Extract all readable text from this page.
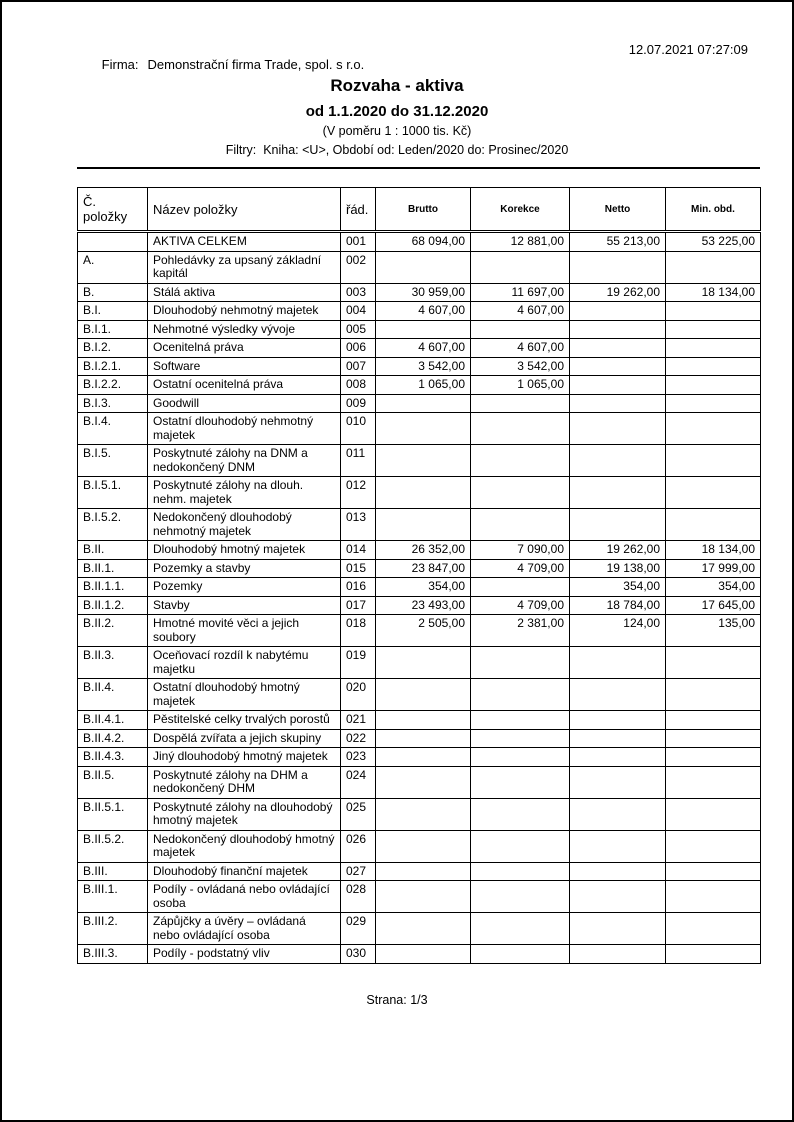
Firma: Demonstrační firma Trade, spol. s r.o.

12.07.2021 07:27:09
Rozvaha - aktiva
od 1.1.2020 do 31.12.2020
(V poměru 1 : 1000 tis. Kč)
Filtry:  Kniha: <U>, Období od: Leden/2020 do: Prosinec/2020
Č. položky	Název položky	řád.	Brutto	Korekce	Netto	Min. obd.
	AKTIVA CELKEM	001	68 094,00	12 881,00	55 213,00	53 225,00
A.	Pohledávky za upsaný základní kapitál	002				
B.	Stálá aktiva	003	30 959,00	11 697,00	19 262,00	18 134,00
B.I.	Dlouhodobý nehmotný majetek	004	4 607,00	4 607,00		
B.I.1.	Nehmotné výsledky vývoje	005				
B.I.2.	Ocenitelná práva	006	4 607,00	4 607,00		
B.I.2.1.	Software	007	3 542,00	3 542,00		
B.I.2.2.	Ostatní ocenitelná práva	008	1 065,00	1 065,00		
B.I.3.	Goodwill	009				
B.I.4.	Ostatní dlouhodobý nehmotný majetek	010				
B.I.5.	Poskytnuté zálohy na DNM a nedokončený DNM	011				
B.I.5.1.	Poskytnuté zálohy na dlouh. nehm. majetek	012				
B.I.5.2.	Nedokončený dlouhodobý nehmotný majetek	013				
B.II.	Dlouhodobý hmotný majetek	014	26 352,00	7 090,00	19 262,00	18 134,00
B.II.1.	Pozemky a stavby	015	23 847,00	4 709,00	19 138,00	17 999,00
B.II.1.1.	Pozemky	016	354,00		354,00	354,00
B.II.1.2.	Stavby	017	23 493,00	4 709,00	18 784,00	17 645,00
B.II.2.	Hmotné movité věci a jejich soubory	018	2 505,00	2 381,00	124,00	135,00
B.II.3.	Oceňovací rozdíl k nabytému majetku	019				
B.II.4.	Ostatní dlouhodobý hmotný majetek	020				
B.II.4.1.	Pěstitelské celky trvalých porostů	021				
B.II.4.2.	Dospělá zvířata a jejich skupiny	022				
B.II.4.3.	Jiný dlouhodobý hmotný majetek	023				
B.II.5.	Poskytnuté zálohy na DHM a nedokončený DHM	024				
B.II.5.1.	Poskytnuté zálohy na dlouhodobý hmotný majetek	025				
B.II.5.2.	Nedokončený dlouhodobý hmotný majetek	026				
B.III.	Dlouhodobý finanční majetek	027				
B.III.1.	Podíly - ovládaná nebo ovládající osoba	028				
B.III.2.	Zápůjčky a úvěry – ovládaná nebo ovládající osoba	029				
B.III.3.	Podíly - podstatný vliv	030				
Strana: 1/3
